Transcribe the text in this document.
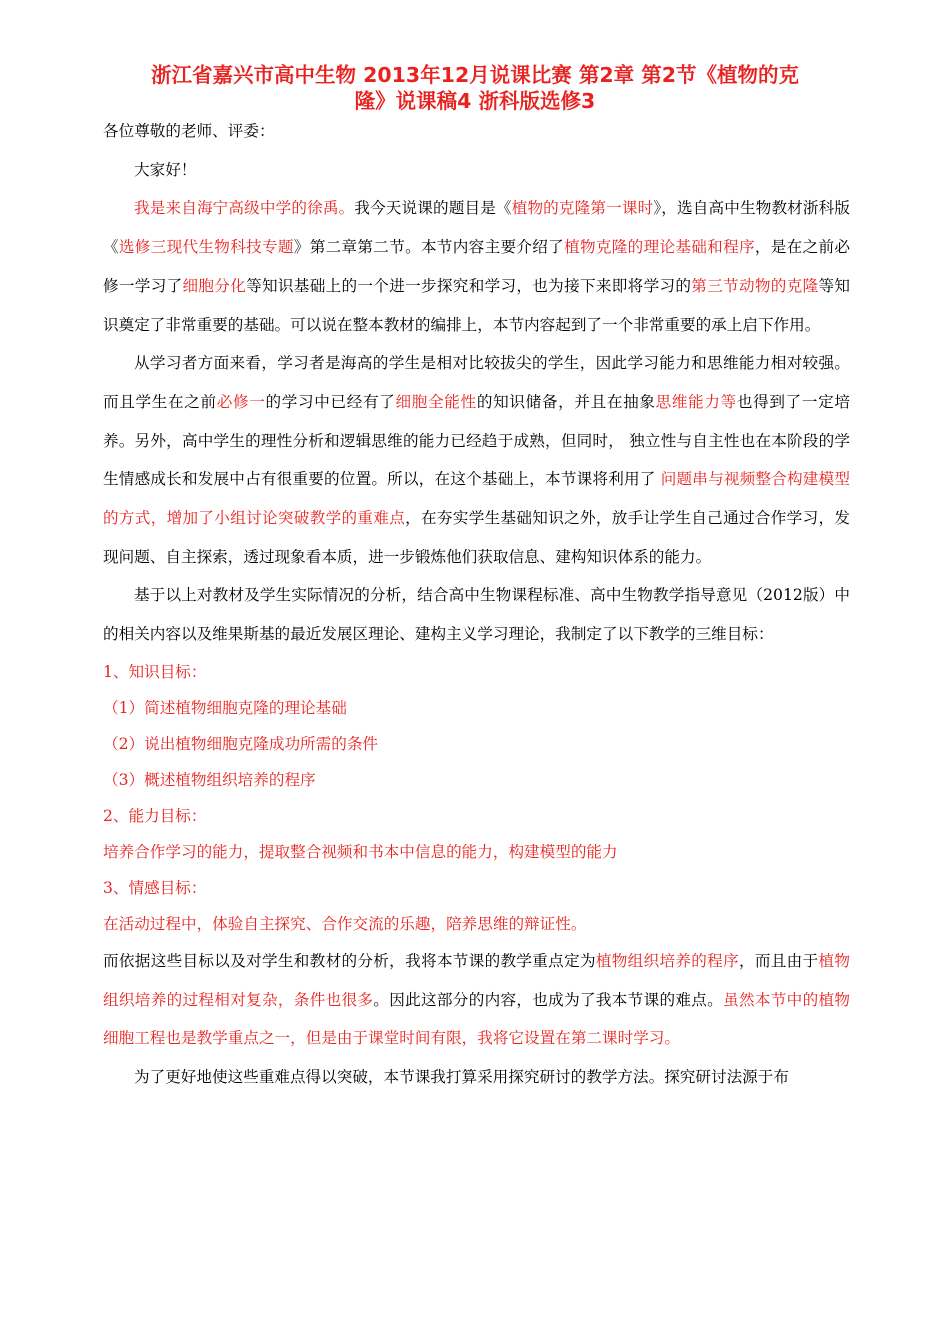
浙江省嘉兴市高中生物 2013年12月说课比赛 第2章 第2节《植物的克
隆》说课稿4 浙科版选修3

各位尊敬的老师、评委：

大家好！

我是来自海宁高级中学的徐禹。我今天说课的题目是《植物的克隆第一课时》，选自高中生物教材浙科版《选修三现代生物科技专题》第二章第二节。本节内容主要介绍了植物克隆的理论基础和程序，是在之前必修一学习了细胞分化等知识基础上的一个进一步探究和学习，也为接下来即将学习的第三节动物的克隆等知识奠定了非常重要的基础。可以说在整本教材的编排上，本节内容起到了一个非常重要的承上启下作用。

从学习者方面来看，学习者是海高的学生是相对比较拔尖的学生，因此学习能力和思维能力相对较强。而且学生在之前必修一的学习中已经有了细胞全能性的知识储备，并且在抽象思维能力等也得到了一定培养。另外，高中学生的理性分析和逻辑思维的能力已经趋于成熟，但同时， 独立性与自主性也在本阶段的学生情感成长和发展中占有很重要的位置。所以，在这个基础上，本节课将利用了 问题串与视频整合构建模型的方式，增加了小组讨论突破教学的重难点，在夯实学生基础知识之外，放手让学生自己通过合作学习，发现问题、自主探索，透过现象看本质，进一步锻炼他们获取信息、建构知识体系的能力。

基于以上对教材及学生实际情况的分析，结合高中生物课程标准、高中生物教学指导意见（2012版）中的相关内容以及维果斯基的最近发展区理论、建构主义学习理论，我制定了以下教学的三维目标：

1、知识目标：
（1）简述植物细胞克隆的理论基础
（2）说出植物细胞克隆成功所需的条件
（3）概述植物组织培养的程序
2、能力目标：
培养合作学习的能力，提取整合视频和书本中信息的能力，构建模型的能力
3、情感目标：
在活动过程中，体验自主探究、合作交流的乐趣，陪养思维的辩证性。

而依据这些目标以及对学生和教材的分析，我将本节课的教学重点定为植物组织培养的程序，而且由于植物组织培养的过程相对复杂，条件也很多。因此这部分的内容，也成为了我本节课的难点。虽然本节中的植物细胞工程也是教学重点之一，但是由于课堂时间有限，我将它设置在第二课时学习。

为了更好地使这些重难点得以突破，本节课我打算采用探究研讨的教学方法。探究研讨法源于布
